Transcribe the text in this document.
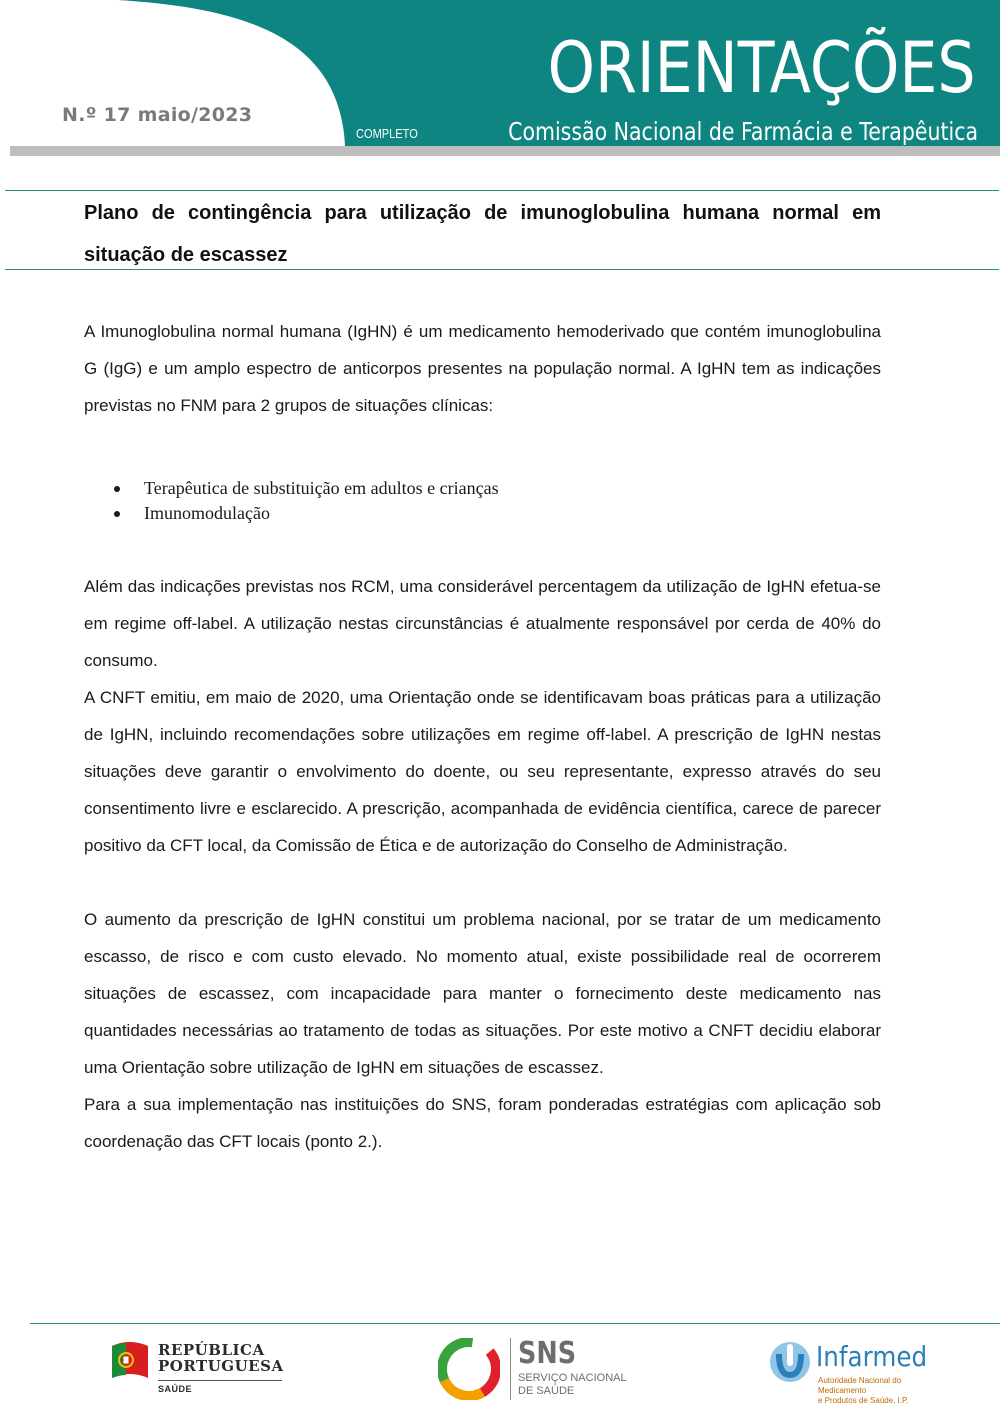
N.º 17 maio/2023

COMPLETO
ORIENTAÇÕES
Comissão Nacional de Farmácia e Terapêutica
Plano de contingência para utilização de imunoglobulina humana normal em situação de escassez

A Imunoglobulina normal humana (IgHN) é um medicamento hemoderivado que contém imunoglobulina G (IgG) e um amplo espectro de anticorpos presentes na população normal. A IgHN tem as indicações previstas no FNM para 2 grupos de situações clínicas:

Terapêutica de substituição em adultos e crianças
Imunomodulação

Além das indicações previstas nos RCM, uma considerável percentagem da utilização de IgHN efetua-se em regime off-label. A utilização nestas circunstâncias é atualmente responsável por cerda de 40% do consumo.

A CNFT emitiu, em maio de 2020, uma Orientação onde se identificavam boas práticas para a utilização de IgHN, incluindo recomendações sobre utilizações em regime off-label. A prescrição de IgHN nestas situações deve garantir o envolvimento do doente, ou seu representante, expresso através do seu consentimento livre e esclarecido. A prescrição, acompanhada de evidência científica, carece de parecer positivo da CFT local, da Comissão de Ética e de autorização do Conselho de Administração.

O aumento da prescrição de IgHN constitui um problema nacional, por se tratar de um medicamento escasso, de risco e com custo elevado. No momento atual, existe possibilidade real de ocorrerem situações de escassez, com incapacidade para manter o fornecimento deste medicamento nas quantidades necessárias ao tratamento de todas as situações. Por este motivo a CNFT decidiu elaborar uma Orientação sobre utilização de IgHN em situações de escassez.

Para a sua implementação nas instituições do SNS, foram ponderadas estratégias com aplicação sob coordenação das CFT locais (ponto 2.).

REPÚBLICA
PORTUGUESA
SAÚDE
SNS
SERVIÇO NACIONAL
DE SAÚDE
Infarmed
Autoridade Nacional do Medicamento
e Produtos de Saúde, I.P.
